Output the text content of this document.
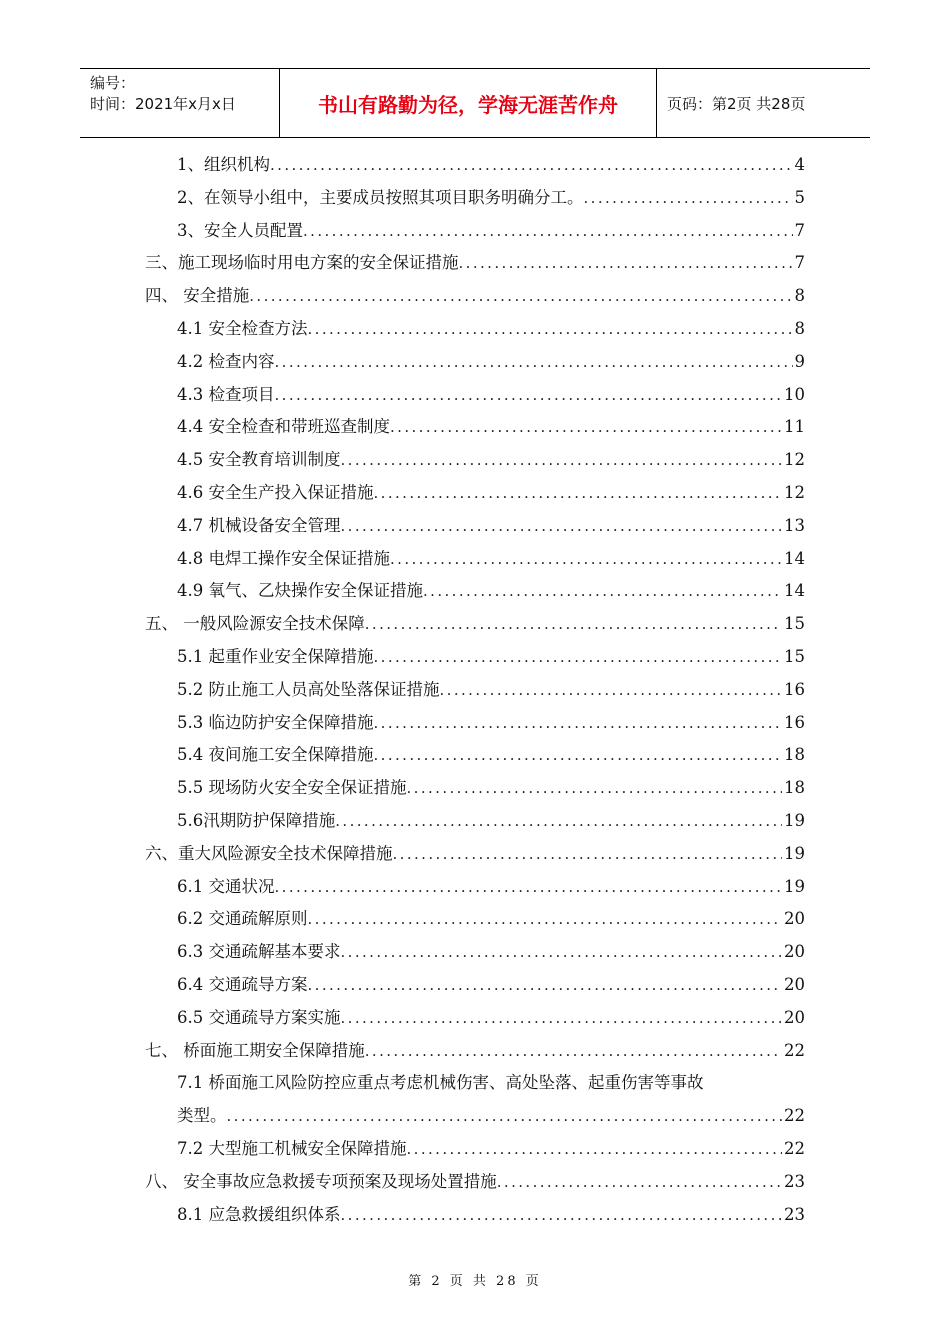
编号：
时间：2021年x月x日	书山有路勤为径，学海无涯苦作舟	页码：第2页 共28页
1、组织机构 .....	4
2、在领导小组中，主要成员按照其项目职务明确分工。 .....	5
3、安全人员配置 .....	7
三、施工现场临时用电方案的安全保证措施 .....	7
四、 安全措施 .....	8
4.1 安全检查方法 .....	8
4.2 检查内容 .....	9
4.3 检查项目 .....	10
4.4 安全检查和带班巡查制度 .....	11
4.5 安全教育培训制度 .....	12
4.6 安全生产投入保证措施 .....	12
4.7 机械设备安全管理 .....	13
4.8 电焊工操作安全保证措施 .....	14
4.9 氧气、乙炔操作安全保证措施 .....	14
五、 一般风险源安全技术保障 .....	15
5.1 起重作业安全保障措施 .....	15
5.2 防止施工人员高处坠落保证措施 .....	16
5.3 临边防护安全保障措施 .....	16
5.4 夜间施工安全保障措施 .....	18
5.5 现场防火安全安全保证措施 .....	18
5.6汛期防护保障措施 .....	19
六、重大风险源安全技术保障措施 .....	19
6.1 交通状况 .....	19
6.2 交通疏解原则 .....	20
6.3 交通疏解基本要求 .....	20
6.4 交通疏导方案 .....	20
6.5 交通疏导方案实施 .....	20
七、 桥面施工期安全保障措施 .....	22
7.1 桥面施工风险防控应重点考虑机械伤害、高处坠落、起重伤害等事故
类型。 .....	22
7.2 大型施工机械安全保障措施 .....	22
八、 安全事故应急救援专项预案及现场处置措施 .....	23
8.1 应急救援组织体系 .....	23
第 2 页 共 28 页
